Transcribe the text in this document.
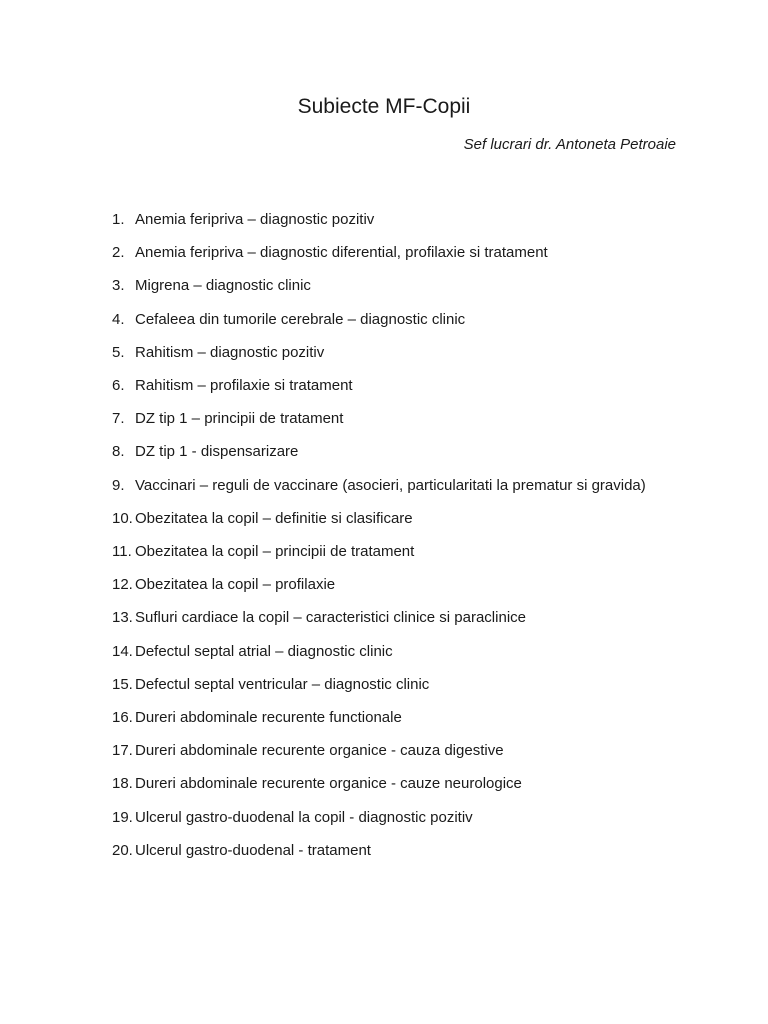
Subiecte MF-Copii
Sef lucrari dr. Antoneta Petroaie
1. Anemia feripriva – diagnostic pozitiv
2. Anemia feripriva – diagnostic diferential, profilaxie si tratament
3. Migrena – diagnostic clinic
4. Cefaleea din tumorile cerebrale – diagnostic clinic
5. Rahitism – diagnostic pozitiv
6. Rahitism – profilaxie si tratament
7. DZ tip 1 – principii de tratament
8. DZ tip 1 - dispensarizare
9. Vaccinari – reguli de vaccinare (asocieri, particularitati la prematur si gravida)
10. Obezitatea la copil – definitie si clasificare
11. Obezitatea la copil – principii de tratament
12. Obezitatea la copil – profilaxie
13. Sufluri cardiace la copil – caracteristici clinice si paraclinice
14. Defectul septal atrial – diagnostic clinic
15. Defectul septal ventricular – diagnostic clinic
16. Dureri abdominale recurente functionale
17. Dureri abdominale recurente organice - cauza digestive
18. Dureri abdominale recurente organice - cauze neurologice
19. Ulcerul gastro-duodenal la copil - diagnostic pozitiv
20. Ulcerul gastro-duodenal - tratament
